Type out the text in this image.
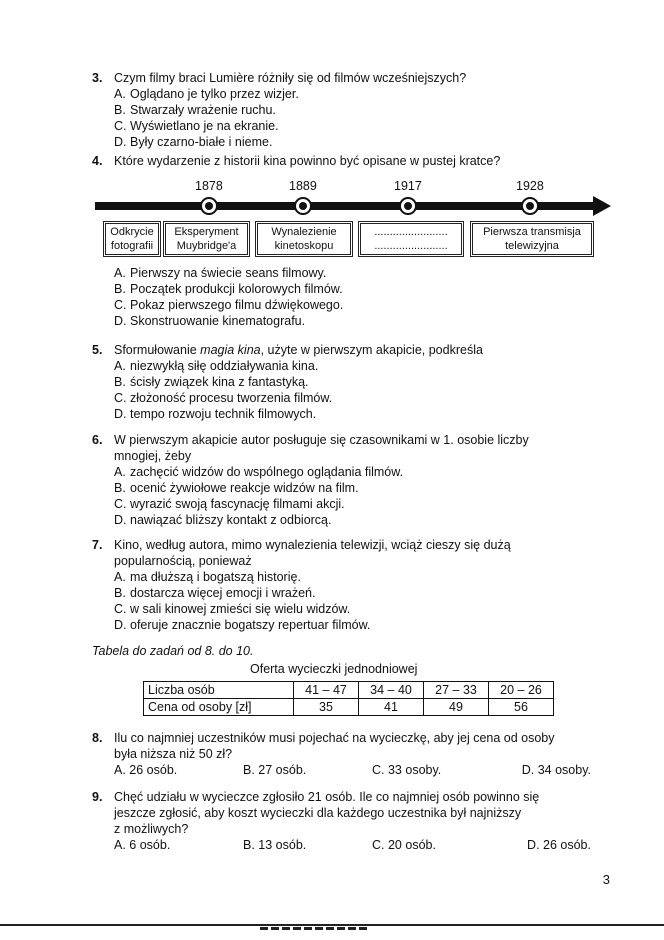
3. Czym filmy braci Lumière różniły się od filmów wcześniejszych?
A. Oglądano je tylko przez wizjer.
B. Stwarzały wrażenie ruchu.
C. Wyświetlano je na ekranie.
D. Były czarno-białe i nieme.
4. Które wydarzenie z historii kina powinno być opisane w pustej kratce?
1878	1889	1917	1928
Odkrycie
fotografii
Eksperyment
Muybridge'a
Wynalezienie
kinetoskopu
........................
........................
Pierwsza transmisja
telewizyjna
A. Pierwszy na świecie seans filmowy.
B. Początek produkcji kolorowych filmów.
C. Pokaz pierwszego filmu dźwiękowego.
D. Skonstruowanie kinematografu.
5. Sformułowanie magia kina, użyte w pierwszym akapicie, podkreśla
A. niezwykłą siłę oddziaływania kina.
B. ścisły związek kina z fantastyką.
C. złożoność procesu tworzenia filmów.
D. tempo rozwoju technik filmowych.
6. W pierwszym akapicie autor posługuje się czasownikami w 1. osobie liczby
mnogiej, żeby
A. zachęcić widzów do wspólnego oglądania filmów.
B. ocenić żywiołowe reakcje widzów na film.
C. wyrazić swoją fascynację filmami akcji.
D. nawiązać bliższy kontakt z odbiorcą.
7. Kino, według autora, mimo wynalezienia telewizji, wciąż cieszy się dużą
popularnością, ponieważ
A. ma dłuższą i bogatszą historię.
B. dostarcza więcej emocji i wrażeń.
C. w sali kinowej zmieści się wielu widzów.
D. oferuje znacznie bogatszy repertuar filmów.
Tabela do zadań od 8. do 10.
Oferta wycieczki jednodniowej
Liczba osób	41 – 47	34 – 40	27 – 33	20 – 26
Cena od osoby [zł]	35	41	49	56
8. Ilu co najmniej uczestników musi pojechać na wycieczkę, aby jej cena od osoby
była niższa niż 50 zł?
A. 26 osób.	B. 27 osób.	C. 33 osoby.	D. 34 osoby.
9. Chęć udziału w wycieczce zgłosiło 21 osób. Ile co najmniej osób powinno się
jeszcze zgłosić, aby koszt wycieczki dla każdego uczestnika był najniższy
z możliwych?
A. 6 osób.	B. 13 osób.	C. 20 osób.	D. 26 osób.
3
